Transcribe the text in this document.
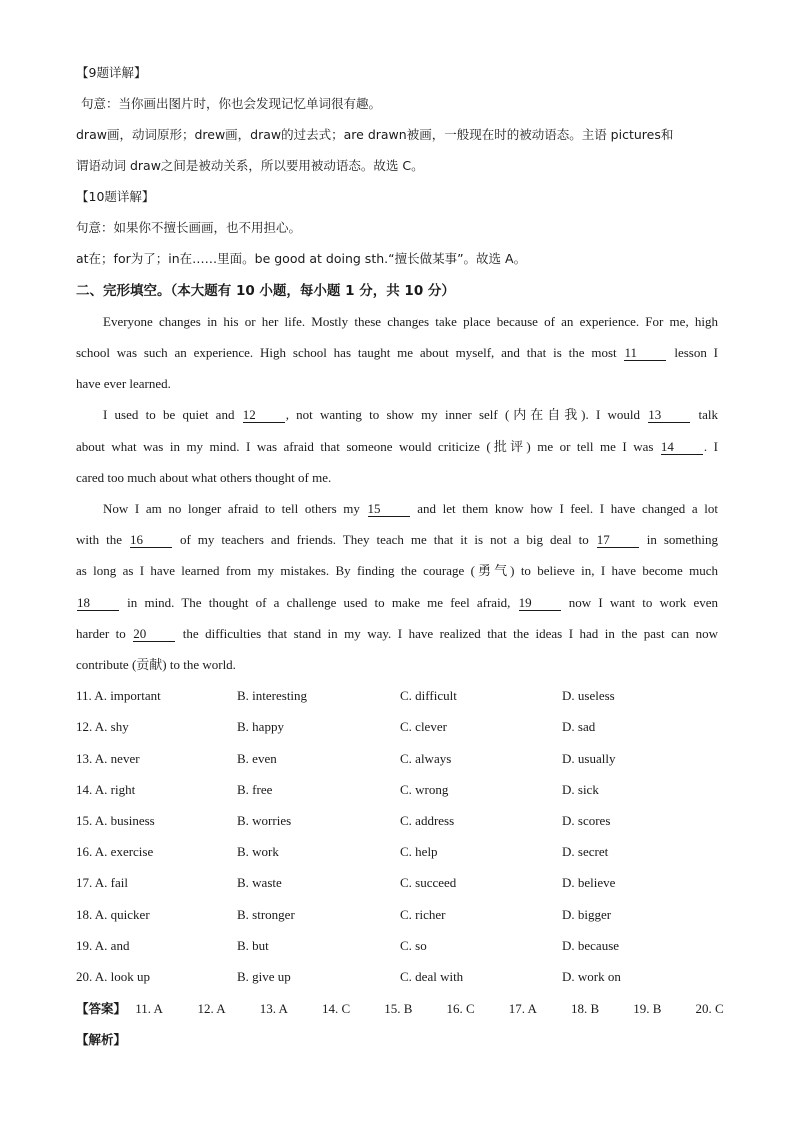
【9题详解】
句意：当你画出图片时，你也会发现记忆单词很有趣。
draw画，动词原形；drew画，draw的过去式；are drawn被画，一般现在时的被动语态。主语 pictures和
谓语动词 draw之间是被动关系，所以要用被动语态。故选 C。
【10题详解】
句意：如果你不擅长画画，也不用担心。
at在；for为了；in在……里面。be good at doing sth.“擅长做某事”。故选 A。
二、完形填空。（本大题有 10 小题，每小题 1 分，共 10 分）
Everyone changes in his or her life. Mostly these changes take place because of an experience. For me, high
school was such an experience. High school has taught me about myself, and that is the most 11	lesson I
have ever learned.
I used to be quiet and 12 , not wanting to show my inner self (内在自我). I would 13	talk
about what was in my mind. I was afraid that someone would criticize (批评) me or tell me I was 14 . I
cared too much about what others thought of me.
Now I am no longer afraid to tell others my 15	and let them know how I feel. I have changed a lot
with the 16	of my teachers and friends. They teach me that it is not a big deal to 17	in something
as long as I have learned from my mistakes. By finding the courage (勇气) to believe in, I have become much
18	in mind. The thought of a challenge used to make me feel afraid, 19	now I want to work even
harder to 20	the difficulties that stand in my way. I have realized that the ideas I had in the past can now
contribute (贡献) to the world.
11. A. important	B. interesting	C. difficult	D. useless
12. A. shy	B. happy	C. clever	D. sad
13. A. never	B. even	C. always	D. usually
14. A. right	B. free	C. wrong	D. sick
15. A. business	B. worries	C. address	D. scores
16. A. exercise	B. work	C. help	D. secret
17. A. fail	B. waste	C. succeed	D. believe
18. A. quicker	B. stronger	C. richer	D. bigger
19. A. and	B. but	C. so	D. because
20. A. look up	B. give up	C. deal with	D. work on
【答案】 11. A	12. A	13. A	14. C	15. B	16. C	17. A	18. B	19. B	20. C
【解析】
